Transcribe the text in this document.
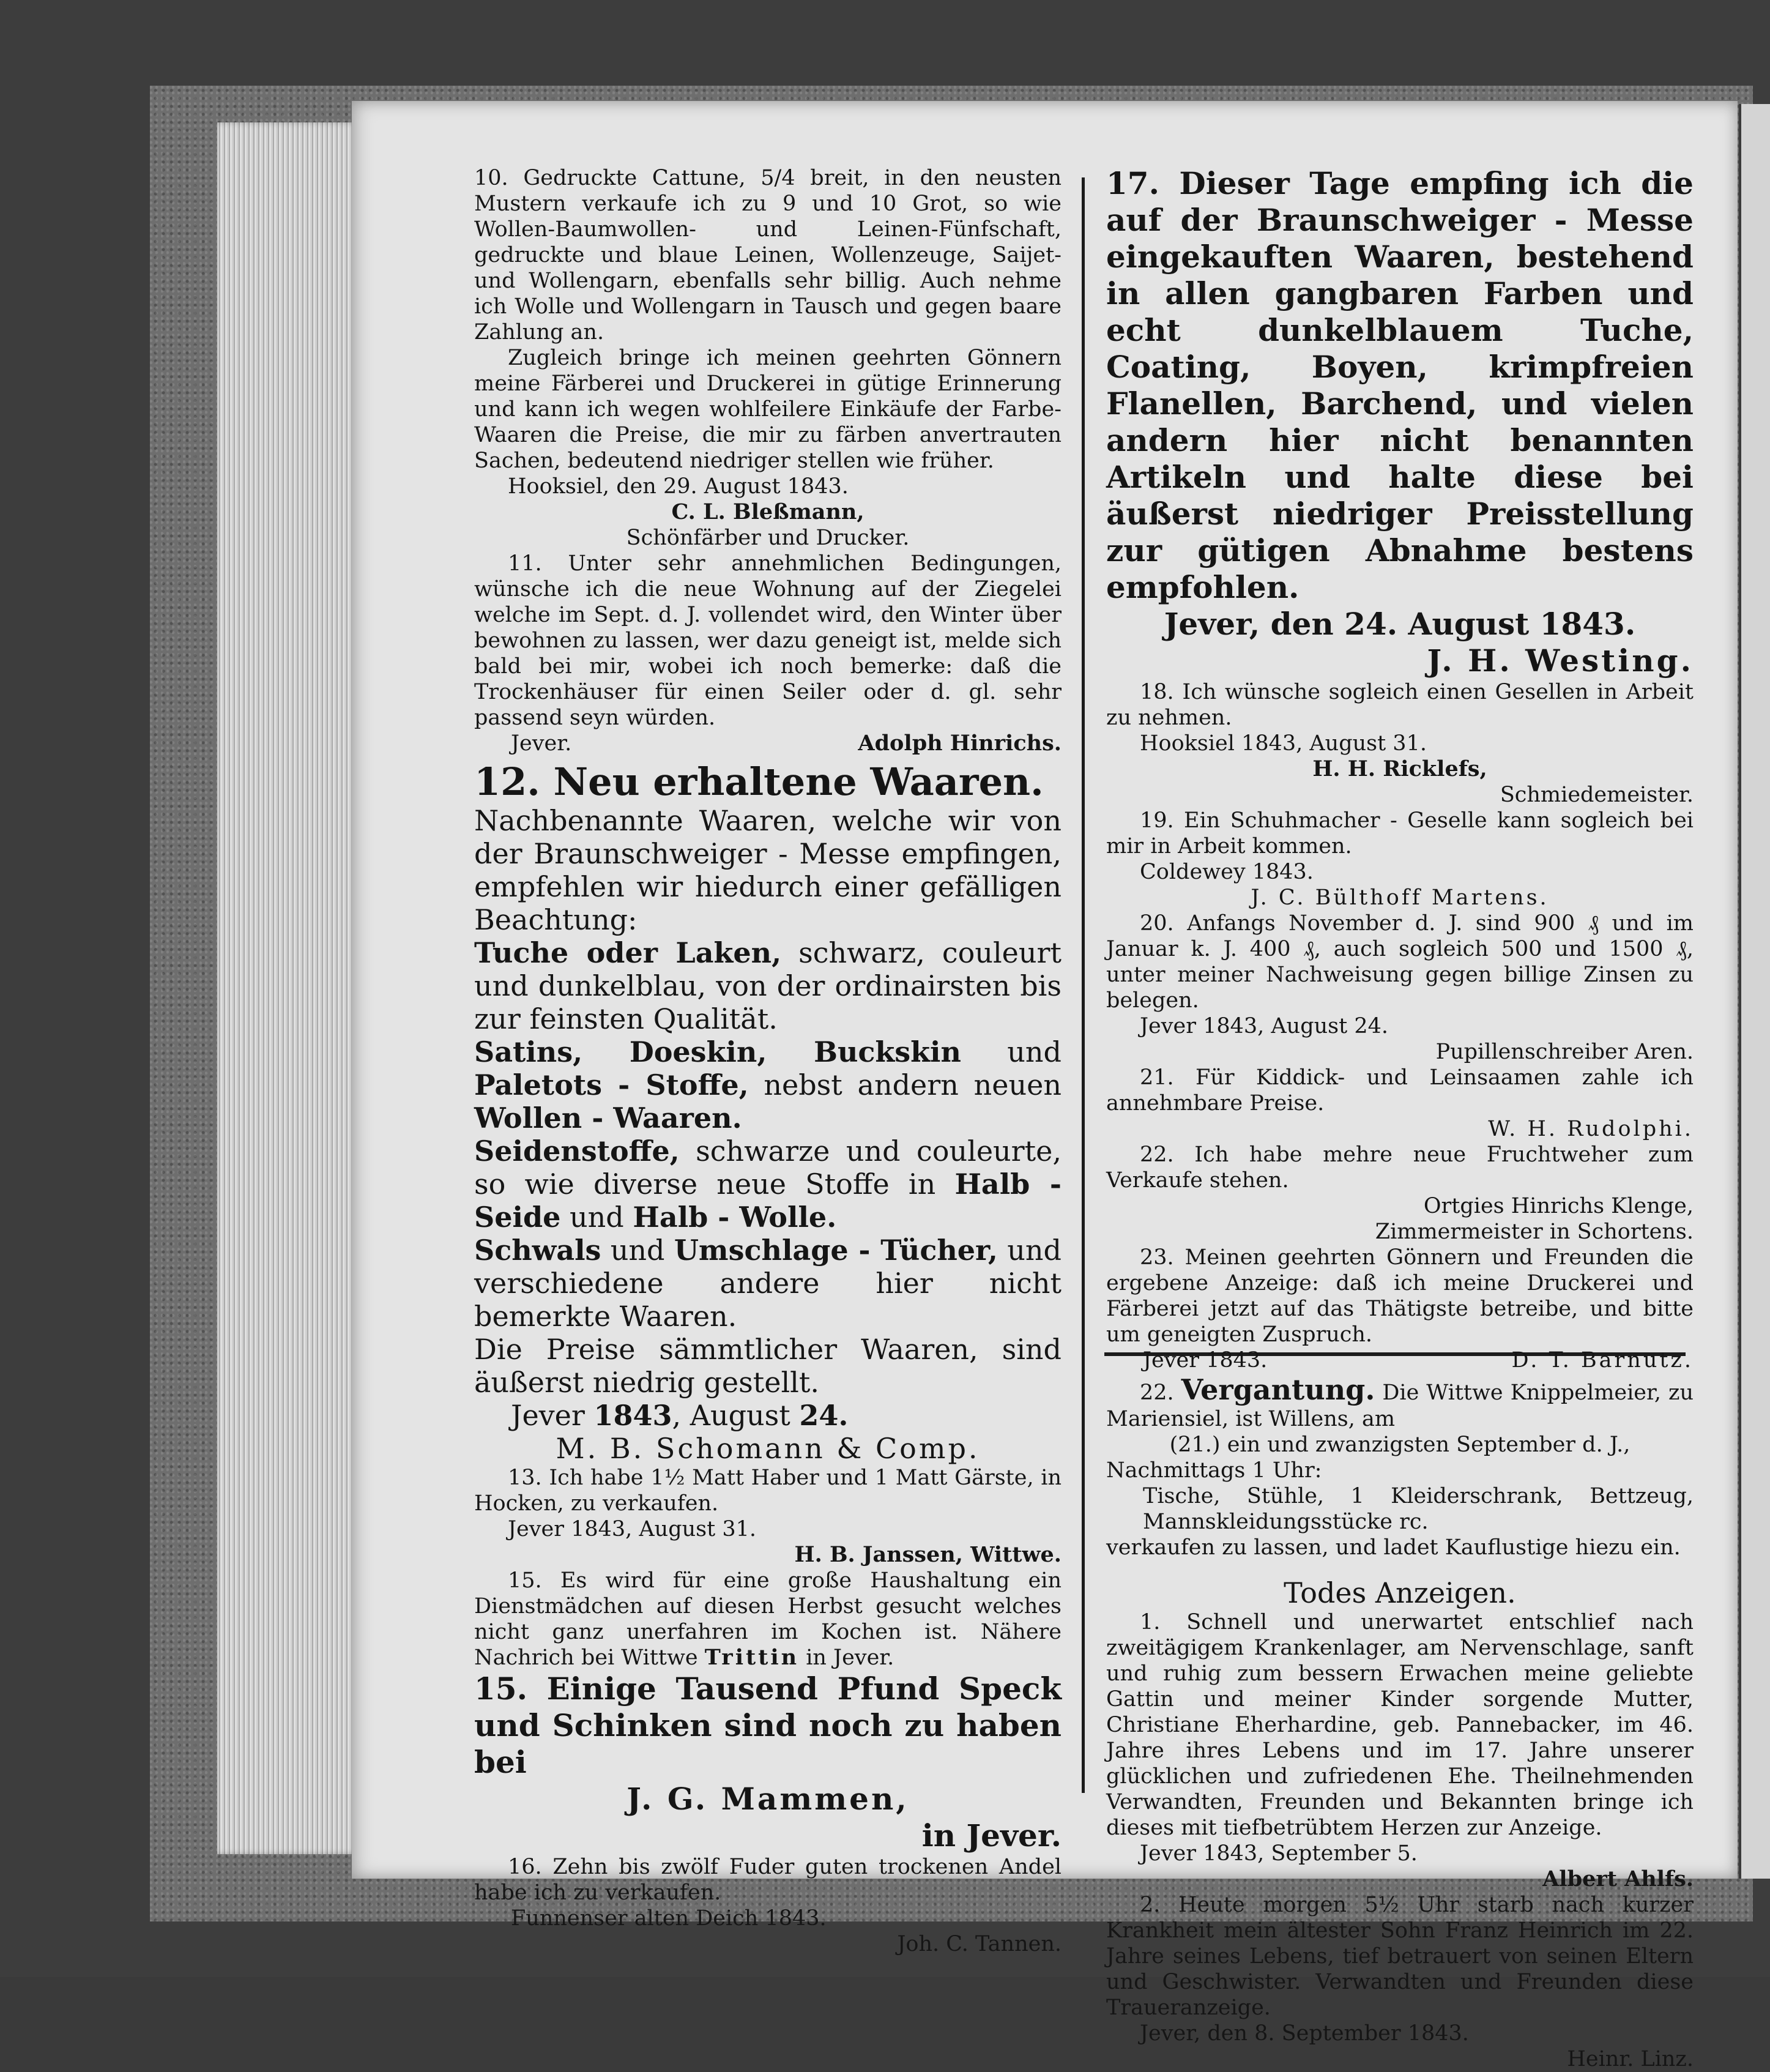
10. Gedruckte Cattune, 5/4 breit, in den neusten Mustern verkaufe ich zu 9 und 10 Grot, so wie Wollen-Baumwollen- und Leinen-Fünfschaft, gedruckte und blaue Leinen, Wollenzeuge, Saijet- und Wollengarn, ebenfalls sehr billig. Auch nehme ich Wolle und Wollengarn in Tausch und gegen baare Zahlung an.

Zugleich bringe ich meinen geehrten Gönnern meine Färberei und Druckerei in gütige Erinnerung und kann ich wegen wohlfeilere Einkäufe der Farbe-Waaren die Preise, die mir zu färben anvertrauten Sachen, bedeutend niedriger stellen wie früher.

Hooksiel, den 29. August 1843.

C. L. Bleßmann,

Schönfärber und Drucker.

11. Unter sehr annehmlichen Bedingungen, wünsche ich die neue Wohnung auf der Ziegelei welche im Sept. d. J. vollendet wird, den Winter über bewohnen zu lassen, wer dazu geneigt ist, melde sich bald bei mir, wobei ich noch bemerke: daß die Trockenhäuser für einen Seiler oder d. gl. sehr passend seyn würden.

Jever.	Adolph Hinrichs.

12. Neu erhaltene Waaren.

Nachbenannte Waaren, welche wir von der Braunschweiger - Messe empfingen, empfehlen wir hiedurch einer gefälligen Beachtung:

Tuche oder Laken, schwarz, couleurt und dunkelblau, von der ordinairsten bis zur feinsten Qualität.

Satins, Doeskin, Buckskin und Paletots - Stoffe, nebst andern neuen Wollen - Waaren.

Seidenstoffe, schwarze und couleurte, so wie diverse neue Stoffe in Halb - Seide und Halb - Wolle.

Schwals und Umschlage - Tücher, und verschiedene andere hier nicht bemerkte Waaren.

Die Preise sämmtlicher Waaren, sind äußerst niedrig gestellt.

Jever 1843, August 24.

M. B. Schomann & Comp.

13. Ich habe 1½ Matt Haber und 1 Matt Gärste, in Hocken, zu verkaufen.

Jever 1843, August 31.

H. B. Janssen, Wittwe.

15. Es wird für eine große Haushaltung ein Dienstmädchen auf diesen Herbst gesucht welches nicht ganz unerfahren im Kochen ist. Nähere Nachrich bei Wittwe Trittin in Jever.

15. Einige Tausend Pfund Speck und Schinken sind noch zu haben bei

J. G. Mammen,

in Jever.

16. Zehn bis zwölf Fuder guten trockenen Andel habe ich zu verkaufen.

Funnenser alten Deich 1843.

Joh. C. Tannen.

17. Dieser Tage empfing ich die auf der Braunschweiger - Messe eingekauften Waaren, bestehend in allen gangbaren Farben und echt dunkelblauem Tuche, Coating, Boyen, krimpfreien Flanellen, Barchend, und vielen andern hier nicht benannten Artikeln und halte diese bei äußerst niedriger Preisstellung zur gütigen Abnahme bestens empfohlen.

Jever, den 24. August 1843.

J. H. Westing.

18. Ich wünsche sogleich einen Gesellen in Arbeit zu nehmen.

Hooksiel 1843, August 31.

H. H. Ricklefs,

Schmiedemeister.

19. Ein Schuhmacher - Geselle kann sogleich bei mir in Arbeit kommen.

Coldewey 1843.

J. C. Bülthoff Martens.

20. Anfangs November d. J. sind 900 ₰ und im Januar k. J. 400 ₰, auch sogleich 500 und 1500 ₰, unter meiner Nachweisung gegen billige Zinsen zu belegen.

Jever 1843, August 24.

Pupillenschreiber Aren.

21. Für Kiddick- und Leinsaamen zahle ich annehmbare Preise.

W. H. Rudolphi.

22. Ich habe mehre neue Fruchtweher zum Verkaufe stehen.

Ortgies Hinrichs Klenge,

Zimmermeister in Schortens.

23. Meinen geehrten Gönnern und Freunden die ergebene Anzeige: daß ich meine Druckerei und Färberei jetzt auf das Thätigste betreibe, und bitte um geneigten Zuspruch.

Jever 1843.	D. T. Barnutz.

22. Vergantung. Die Wittwe Knippelmeier, zu Mariensiel, ist Willens, am

(21.) ein und zwanzigsten September d. J.,

Nachmittags 1 Uhr:

Tische, Stühle, 1 Kleiderschrank, Bettzeug, Mannskleidungsstücke rc.

verkaufen zu lassen, und ladet Kauflustige hiezu ein.

Todes Anzeigen.

1. Schnell und unerwartet entschlief nach zweitägigem Krankenlager, am Nervenschlage, sanft und ruhig zum bessern Erwachen meine geliebte Gattin und meiner Kinder sorgende Mutter, Christiane Eherhardine, geb. Pannebacker, im 46. Jahre ihres Lebens und im 17. Jahre unserer glücklichen und zufriedenen Ehe. Theilnehmenden Verwandten, Freunden und Bekannten bringe ich dieses mit tiefbetrübtem Herzen zur Anzeige.

Jever 1843, September 5.

Albert Ahlfs.

2. Heute morgen 5½ Uhr starb nach kurzer Krankheit mein ältester Sohn Franz Heinrich im 22. Jahre seines Lebens, tief betrauert von seinen Eltern und Geschwister. Verwandten und Freunden diese Traueranzeige.

Jever, den 8. September 1843.

Heinr. Linz.
